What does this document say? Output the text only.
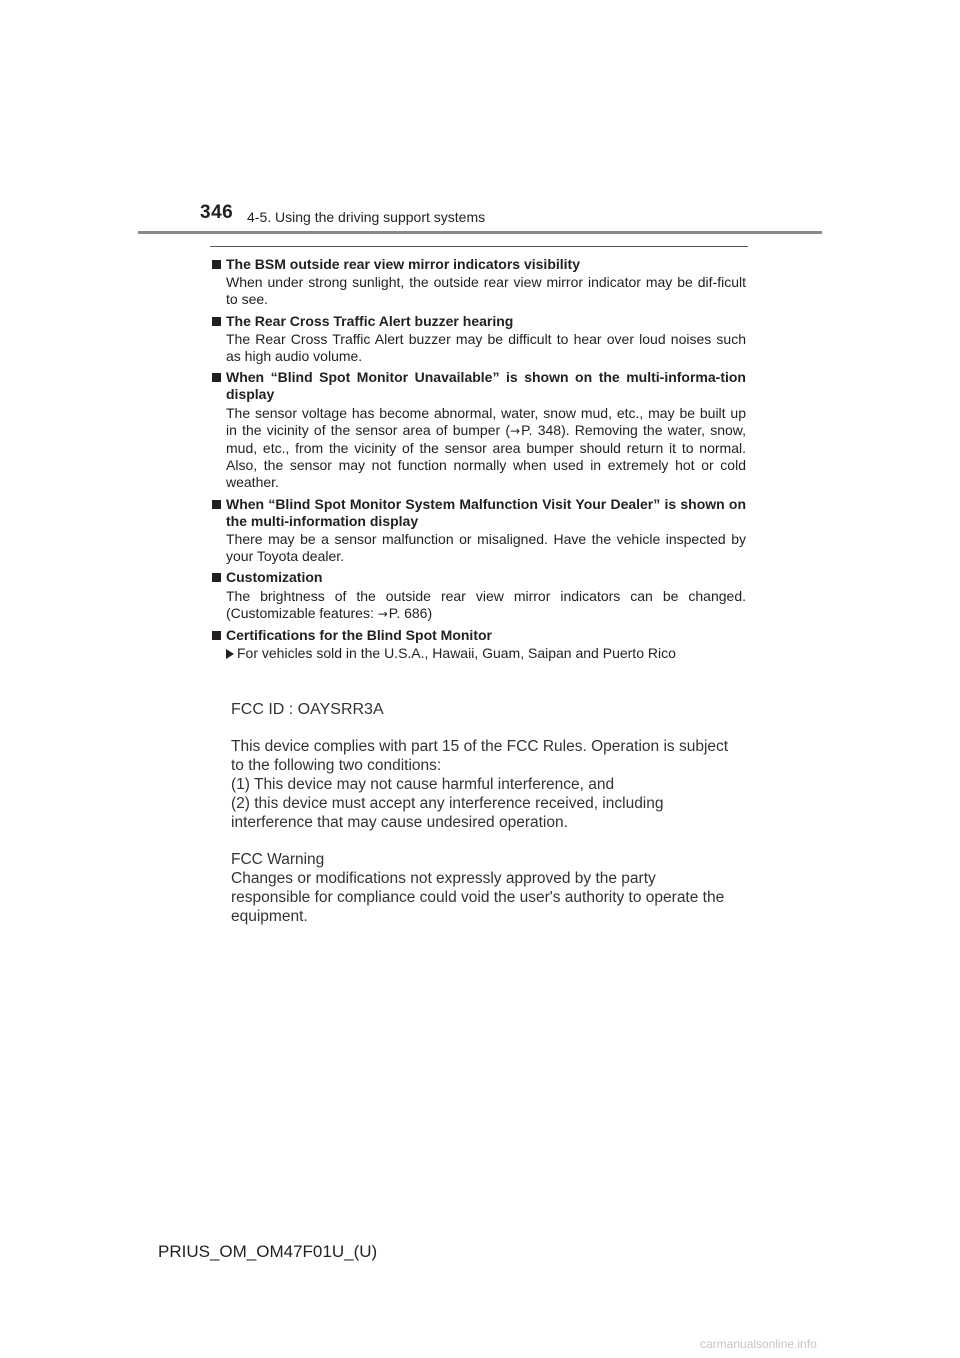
346 4-5. Using the driving support systems
The BSM outside rear view mirror indicators visibility
When under strong sunlight, the outside rear view mirror indicator may be dif-ficult to see.
The Rear Cross Traffic Alert buzzer hearing
The Rear Cross Traffic Alert buzzer may be difficult to hear over loud noises such as high audio volume.
When “Blind Spot Monitor Unavailable” is shown on the multi-informa-tion display
The sensor voltage has become abnormal, water, snow mud, etc., may be built up in the vicinity of the sensor area of bumper (→P. 348). Removing the water, snow, mud, etc., from the vicinity of the sensor area bumper should return it to normal. Also, the sensor may not function normally when used in extremely hot or cold weather.
When “Blind Spot Monitor System Malfunction Visit Your Dealer” is shown on the multi-information display
There may be a sensor malfunction or misaligned. Have the vehicle inspected by your Toyota dealer.
Customization
The brightness of the outside rear view mirror indicators can be changed. (Customizable features: →P. 686)
Certifications for the Blind Spot Monitor
For vehicles sold in the U.S.A., Hawaii, Guam, Saipan and Puerto Rico
FCC ID : OAYSRR3A
This device complies with part 15 of the FCC Rules. Operation is subject
to the following two conditions:
(1) This device may not cause harmful interference, and
(2) this device must accept any interference received, including
interference that may cause undesired operation.
FCC Warning
Changes or modifications not expressly approved by the party
responsible for compliance could void the user's authority to operate the
equipment.
PRIUS_OM_OM47F01U_(U)
carmanualsonline.info
